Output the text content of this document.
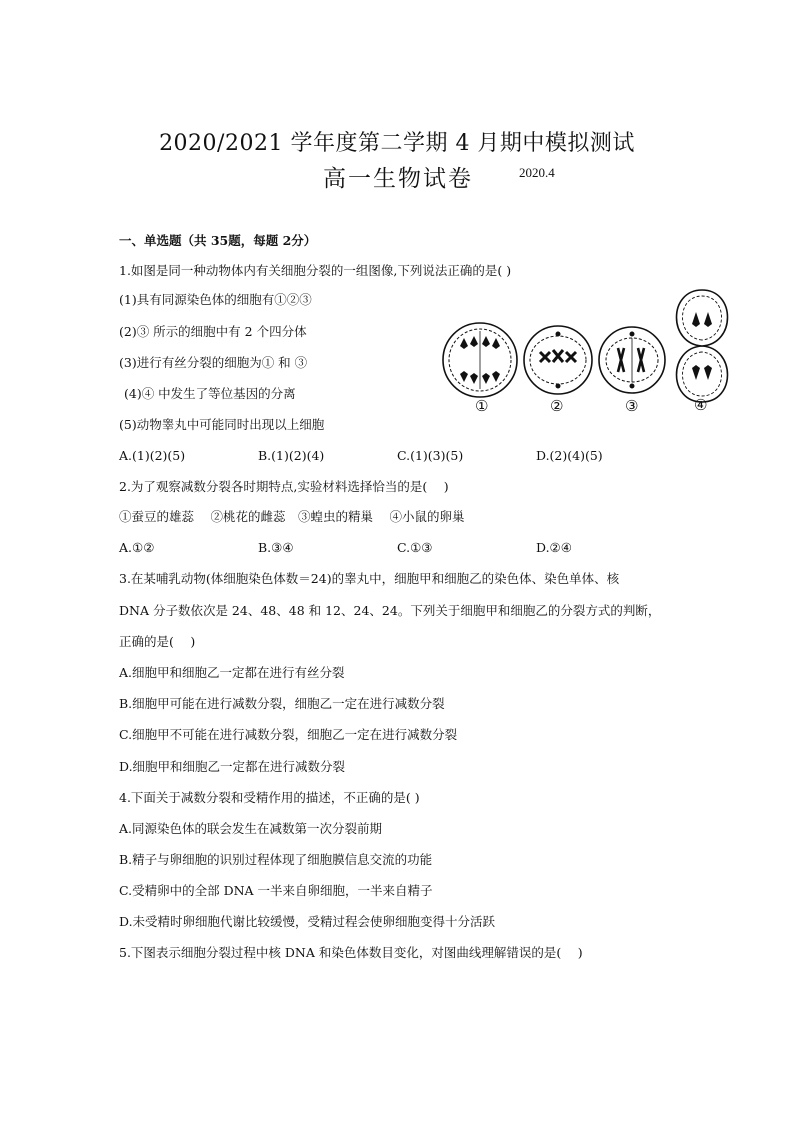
2020/2021 学年度第二学期 4 月期中模拟测试
高一生物试卷	2020.4
一、单选题（共 35题，每题 2分）
1.如图是同一种动物体内有关细胞分裂的一组图像,下列说法正确的是( )
(1)具有同源染色体的细胞有①②③
(2)③ 所示的细胞中有 2 个四分体
(3)进行有丝分裂的细胞为① 和 ③
(4)④ 中发生了等位基因的分离
(5)动物睾丸中可能同时出现以上细胞
A.(1)(2)(5)	B.(1)(2)(4)	C.(1)(3)(5)	D.(2)(4)(5)
①	②	③	④
2.为了观察减数分裂各时期特点,实验材料选择恰当的是(　 )
①蚕豆的雄蕊　 ②桃花的雌蕊　③蝗虫的精巢　 ④小鼠的卵巢
A.①②	B.③④	C.①③	D.②④
3.在某哺乳动物(体细胞染色体数＝24)的睾丸中，细胞甲和细胞乙的染色体、染色单体、核
DNA 分子数依次是 24、48、48 和 12、24、24。下列关于细胞甲和细胞乙的分裂方式的判断，
正确的是(　 )
A.细胞甲和细胞乙一定都在进行有丝分裂
B.细胞甲可能在进行减数分裂，细胞乙一定在进行减数分裂
C.细胞甲不可能在进行减数分裂，细胞乙一定在进行减数分裂
D.细胞甲和细胞乙一定都在进行减数分裂
4.下面关于减数分裂和受精作用的描述，不正确的是( )
A.同源染色体的联会发生在减数第一次分裂前期
B.精子与卵细胞的识别过程体现了细胞膜信息交流的功能
C.受精卵中的全部 DNA 一半来自卵细胞，一半来自精子
D.未受精时卵细胞代谢比较缓慢，受精过程会使卵细胞变得十分活跃
5.下图表示细胞分裂过程中核 DNA 和染色体数目变化，对图曲线理解错误的是(　 )
